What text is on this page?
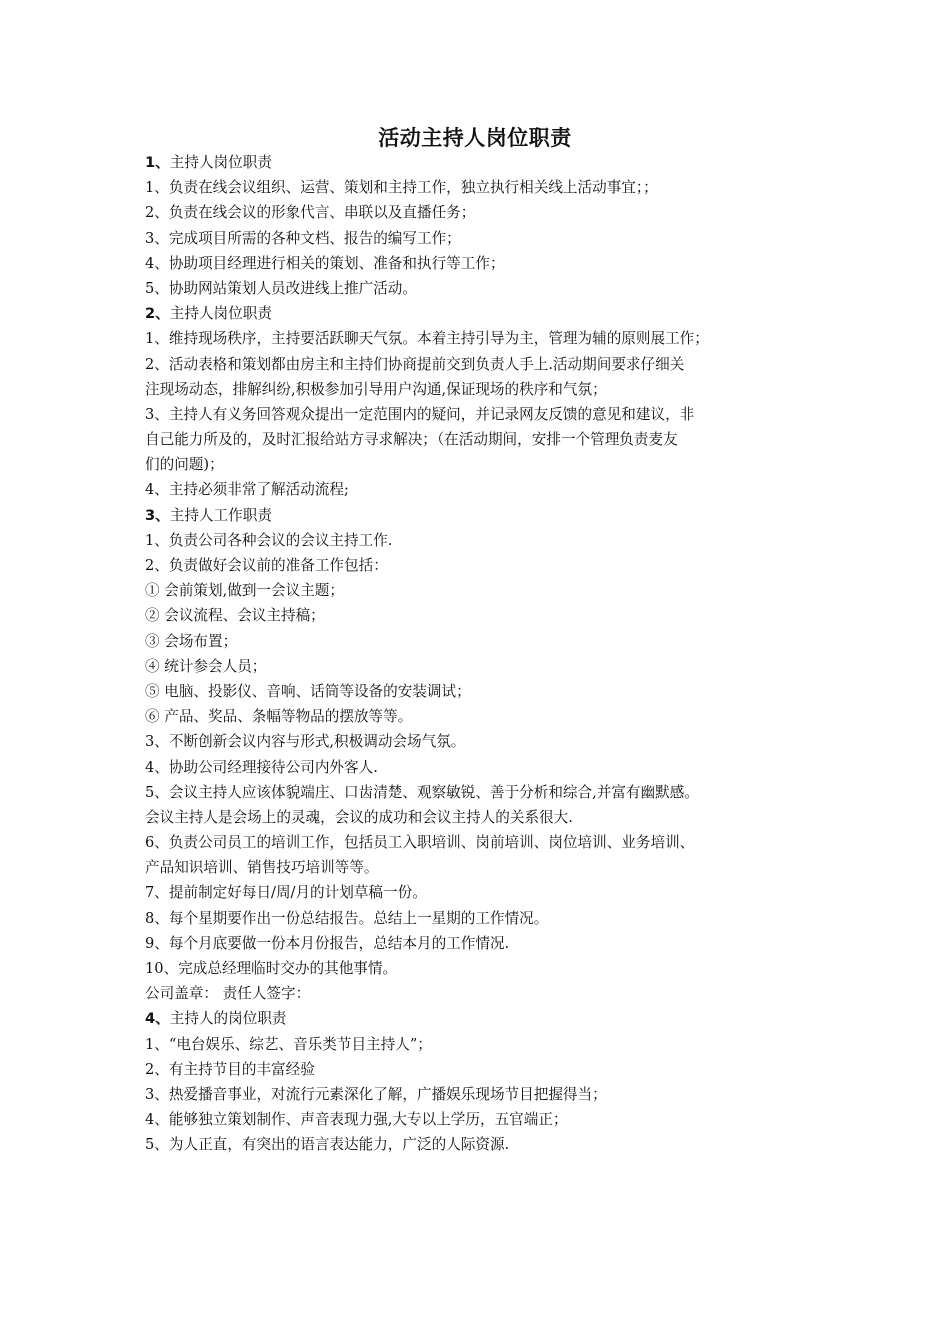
活动主持人岗位职责
1、主持人岗位职责
1、负责在线会议组织、运营、策划和主持工作，独立执行相关线上活动事宜；；
2、负责在线会议的形象代言、串联以及直播任务；
3、完成项目所需的各种文档、报告的编写工作；
4、协助项目经理进行相关的策划、准备和执行等工作；
5、协助网站策划人员改进线上推广活动。
2、主持人岗位职责
1、维持现场秩序，主持要活跃聊天气氛。本着主持引导为主，管理为辅的原则展工作；
2、活动表格和策划都由房主和主持们协商提前交到负责人手上.活动期间要求仔细关
注现场动态，排解纠纷,积极参加引导用户沟通,保证现场的秩序和气氛；
3、主持人有义务回答观众提出一定范围内的疑问，并记录网友反馈的意见和建议，非
自己能力所及的，及时汇报给站方寻求解决；（在活动期间，安排一个管理负责麦友
们的问题)；
4、主持必须非常了解活动流程;
3、主持人工作职责
1、负责公司各种会议的会议主持工作.
2、负责做好会议前的准备工作包括：
① 会前策划,做到一会议主题；
② 会议流程、会议主持稿；
③ 会场布置；
④ 统计参会人员；
⑤ 电脑、投影仪、音响、话筒等设备的安装调试；
⑥ 产品、奖品、条幅等物品的摆放等等。
3、不断创新会议内容与形式,积极调动会场气氛。
4、协助公司经理接待公司内外客人.
5、会议主持人应该体貌端庄、口齿清楚、观察敏锐、善于分析和综合,并富有幽默感。
会议主持人是会场上的灵魂，会议的成功和会议主持人的关系很大.
6、负责公司员工的培训工作，包括员工入职培训、岗前培训、岗位培训、业务培训、
产品知识培训、销售技巧培训等等。
7、提前制定好每日/周/月的计划草稿一份。
8、每个星期要作出一份总结报告。总结上一星期的工作情况。
9、每个月底要做一份本月份报告，总结本月的工作情况.
10、完成总经理临时交办的其他事情。
公司盖章： 责任人签字：
4、主持人的岗位职责
1、“电台娱乐、综艺、音乐类节目主持人”；
2、有主持节目的丰富经验
3、热爱播音事业，对流行元素深化了解，广播娱乐现场节目把握得当；
4、能够独立策划制作、声音表现力强,大专以上学历，五官端正；
5、为人正直，有突出的语言表达能力，广泛的人际资源.
